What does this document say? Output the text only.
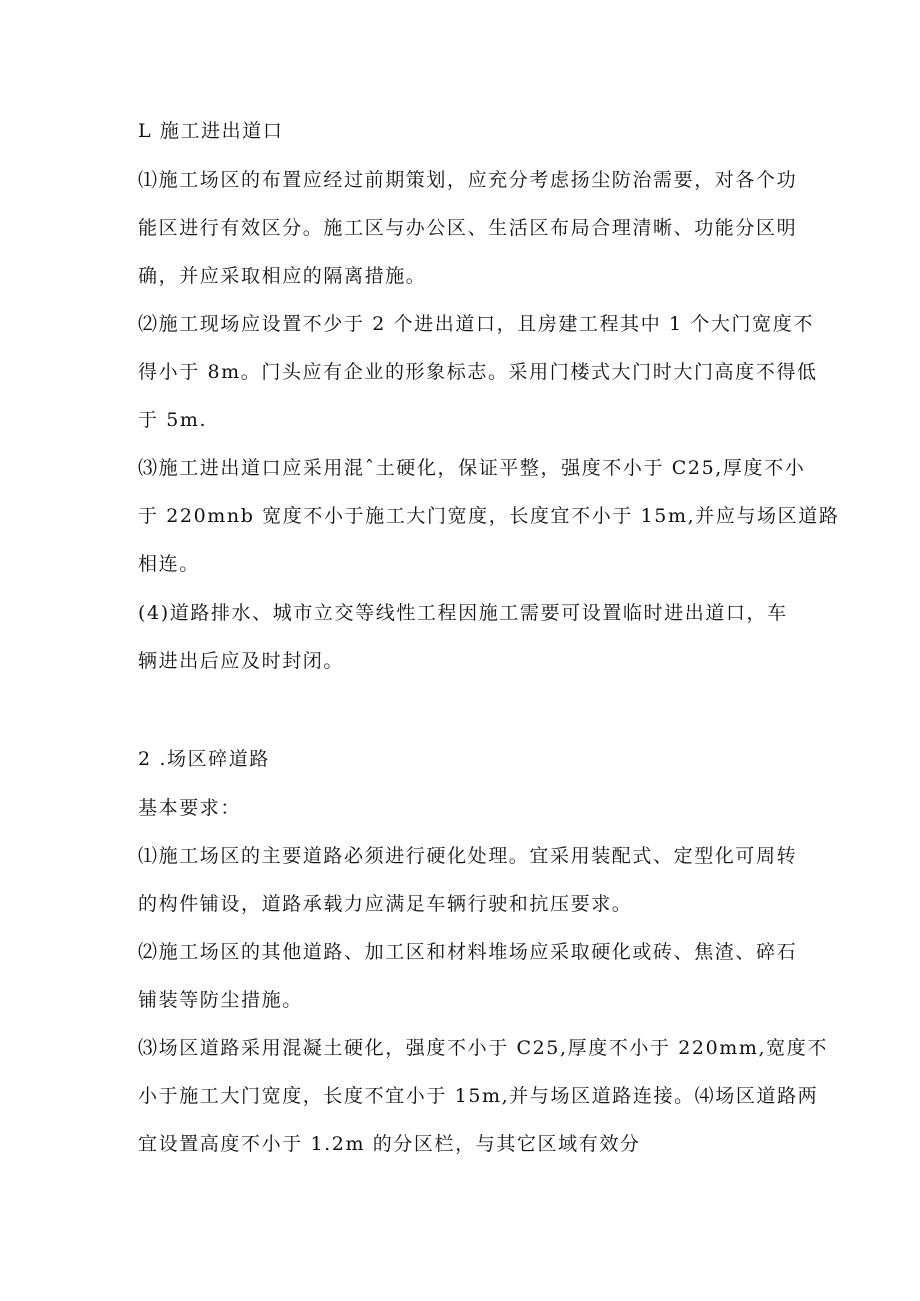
L 施工进出道口
⑴施工场区的布置应经过前期策划，应充分考虑扬尘防治需要，对各个功
能区进行有效区分。施工区与办公区、生活区布局合理清晰、功能分区明
确，并应采取相应的隔离措施。
⑵施工现场应设置不少于 2 个进出道口，且房建工程其中 1 个大门宽度不
得小于 8m。门头应有企业的形象标志。采用门楼式大门时大门高度不得低
于 5m.
⑶施工进出道口应采用混ˆ土硬化，保证平整，强度不小于 C25,厚度不小
于 220mnb 宽度不小于施工大门宽度，长度宜不小于 15m,并应与场区道路
相连。
(4)道路排水、城市立交等线性工程因施工需要可设置临时进出道口，车
辆进出后应及时封闭。
2 .场区碎道路
基本要求：
⑴施工场区的主要道路必须进行硬化处理。宜采用装配式、定型化可周转
的构件铺设，道路承载力应满足车辆行驶和抗压要求。
⑵施工场区的其他道路、加工区和材料堆场应采取硬化或砖、焦渣、碎石
铺装等防尘措施。
⑶场区道路采用混凝土硬化，强度不小于 C25,厚度不小于 220mm,宽度不
小于施工大门宽度，长度不宜小于 15m,并与场区道路连接。⑷场区道路两
宜设置高度不小于 1.2m 的分区栏，与其它区域有效分
